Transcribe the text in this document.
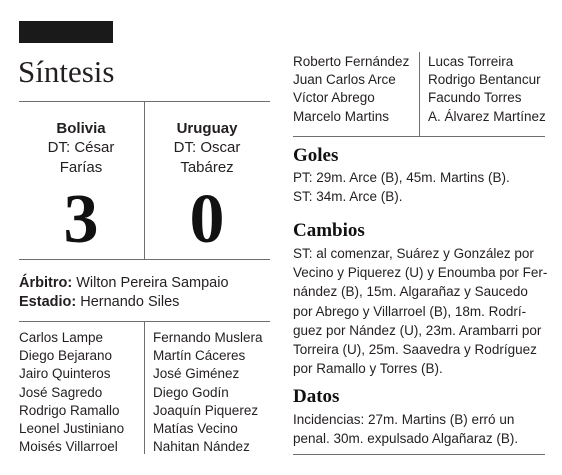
Síntesis
Bolivia
DT: César
Farías
3
Uruguay
DT: Oscar
Tabárez
0
Árbitro: Wilton Pereira Sampaio
Estadio: Hernando Siles
Carlos Lampe
Diego Bejarano
Jairo Quinteros
José Sagredo
Rodrigo Ramallo
Leonel Justiniano
Moisés Villarroel
Fernando Muslera
Martín Cáceres
José Giménez
Diego Godín
Joaquín Piquerez
Matías Vecino
Nahitan Nández
Roberto Fernández
Juan Carlos Arce
Víctor Abrego
Marcelo Martins
Lucas Torreira
Rodrigo Bentancur
Facundo Torres
A. Álvarez Martínez
Goles
PT: 29m. Arce (B), 45m. Martins (B).
ST: 34m. Arce (B).
Cambios
ST: al comenzar, Suárez y González por
Vecino y Piquerez (U) y Enoumba por Fer-
nández (B), 15m. Algarañaz y Saucedo
por Abrego y Villarroel (B), 18m. Rodrí-
guez por Nández (U), 23m. Arambarri por
Torreira (U), 25m. Saavedra y Rodríguez
por Ramallo y Torres (B).
Datos
Incidencias: 27m. Martins (B) erró un
penal. 30m. expulsado Algañaraz (B).
